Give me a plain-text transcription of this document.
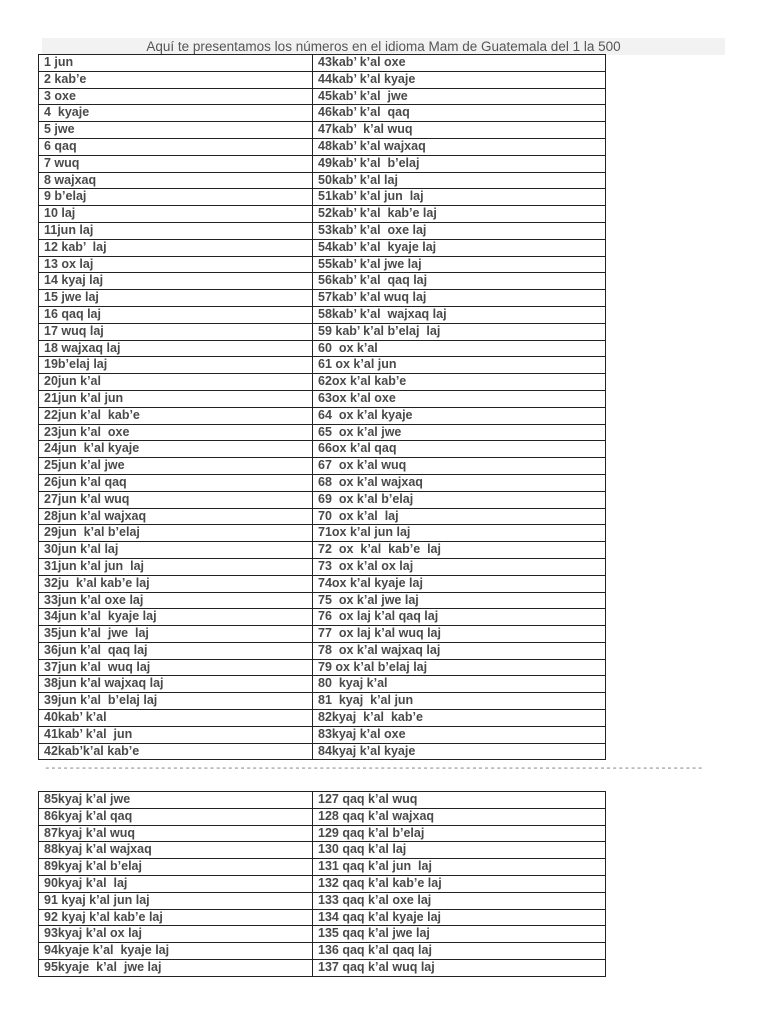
Aquí te presentamos los números en el idioma Mam de Guatemala del 1 la 500
1 jun	43kab’ k’al oxe
2 kab’e	44kab’ k’al kyaje
3 oxe	45kab’ k’al  jwe
4  kyaje	46kab’ k’al  qaq
5 jwe	47kab’  k’al wuq
6 qaq	48kab’ k’al wajxaq
7 wuq	49kab’ k’al  b’elaj
8 wajxaq	50kab’ k’al laj
9 b’elaj	51kab’ k’al jun  laj
10 laj	52kab’ k’al  kab’e laj
11jun laj	53kab’ k’al  oxe laj
12 kab’  laj	54kab’ k’al  kyaje laj
13 ox laj	55kab’ k’al jwe laj
14 kyaj laj	56kab’ k’al  qaq laj
15 jwe laj	57kab’ k’al wuq laj
16 qaq laj	58kab’ k’al  wajxaq laj
17 wuq laj	59 kab’ k’al b’elaj  laj
18 wajxaq laj	60  ox k’al
19b’elaj laj	61 ox k’al jun
20jun k’al	62ox k’al kab’e
21jun k’al jun	63ox k’al oxe
22jun k’al  kab’e	64  ox k’al kyaje
23jun k’al  oxe	65  ox k’al jwe
24jun  k’al kyaje	66ox k’al qaq
25jun k’al jwe	67  ox k’al wuq
26jun k’al qaq	68  ox k’al wajxaq
27jun k’al wuq	69  ox k’al b’elaj
28jun k’al wajxaq	70  ox k’al  laj
29jun  k’al b’elaj	71ox k’al jun laj
30jun k’al laj	72  ox  k’al  kab’e  laj
31jun k’al jun  laj	73  ox k’al ox laj
32ju  k’al kab’e laj	74ox k’al kyaje laj
33jun k’al oxe laj	75  ox k’al jwe laj
34jun k’al  kyaje laj	76  ox laj k’al qaq laj
35jun k’al  jwe  laj	77  ox laj k’al wuq laj
36jun k’al  qaq laj	78  ox k’al wajxaq laj
37jun k’al  wuq laj	79 ox k’al b’elaj laj
38jun k’al wajxaq laj	80  kyaj k’al
39jun k’al  b’elaj laj	81  kyaj  k’al jun
40kab’ k’al	82kyaj  k’al  kab’e
41kab’ k’al  jun	83kyaj k’al oxe
42kab’k’al kab’e	84kyaj k’al kyaje
------------------------------------------------------------------------------------------------------------
85kyaj k’al jwe	127 qaq k’al wuq
86kyaj k’al qaq	128 qaq k’al wajxaq
87kyaj k’al wuq	129 qaq k’al b’elaj
88kyaj k’al wajxaq	130 qaq k’al laj
89kyaj k’al b’elaj	131 qaq k’al jun  laj
90kyaj k’al  laj	132 qaq k’al kab’e laj
91 kyaj k’al jun laj	133 qaq k’al oxe laj
92 kyaj k’al kab’e laj	134 qaq k’al kyaje laj
93kyaj k’al ox laj	135 qaq k’al jwe laj
94kyaje k’al  kyaje laj	136 qaq k’al qaq laj
95kyaje  k’al  jwe laj	137 qaq k’al wuq laj
